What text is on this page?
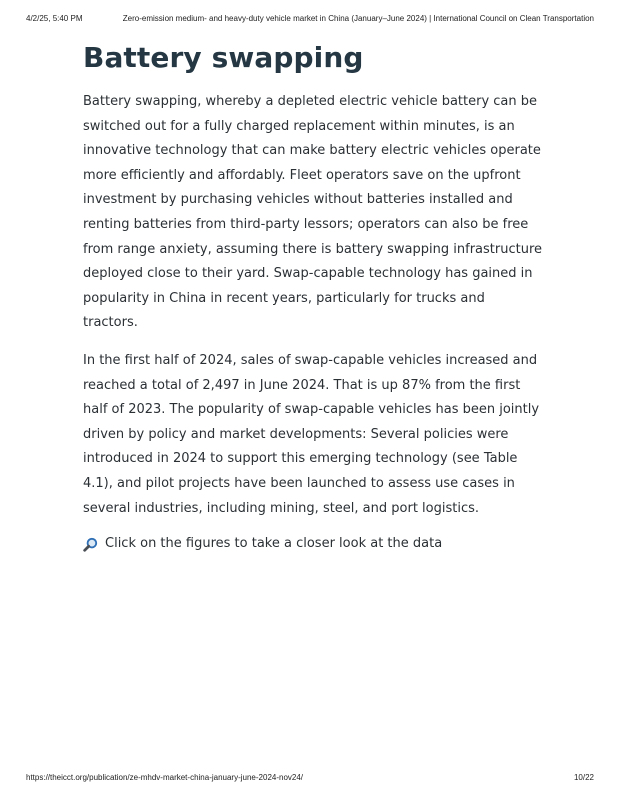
4/2/25, 5:40 PM	Zero-emission medium- and heavy-duty vehicle market in China (January–June 2024) | International Council on Clean Transportation
Battery swapping

Battery swapping, whereby a depleted electric vehicle battery can be switched out for a fully charged replacement within minutes, is an innovative technology that can make battery electric vehicles operate more efficiently and affordably. Fleet operators save on the upfront investment by purchasing vehicles without batteries installed and renting batteries from third-party lessors; operators can also be free from range anxiety, assuming there is battery swapping infrastructure deployed close to their yard. Swap-capable technology has gained in popularity in China in recent years, particularly for trucks and tractors.

In the first half of 2024, sales of swap-capable vehicles increased and reached a total of 2,497 in June 2024. That is up 87% from the first half of 2023. The popularity of swap-capable vehicles has been jointly driven by policy and market developments: Several policies were introduced in 2024 to support this emerging technology (see Table 4.1), and pilot projects have been launched to assess use cases in several industries, including mining, steel, and port logistics.

Click on the figures to take a closer look at the data
https://theicct.org/publication/ze-mhdv-market-china-january-june-2024-nov24/	10/22
